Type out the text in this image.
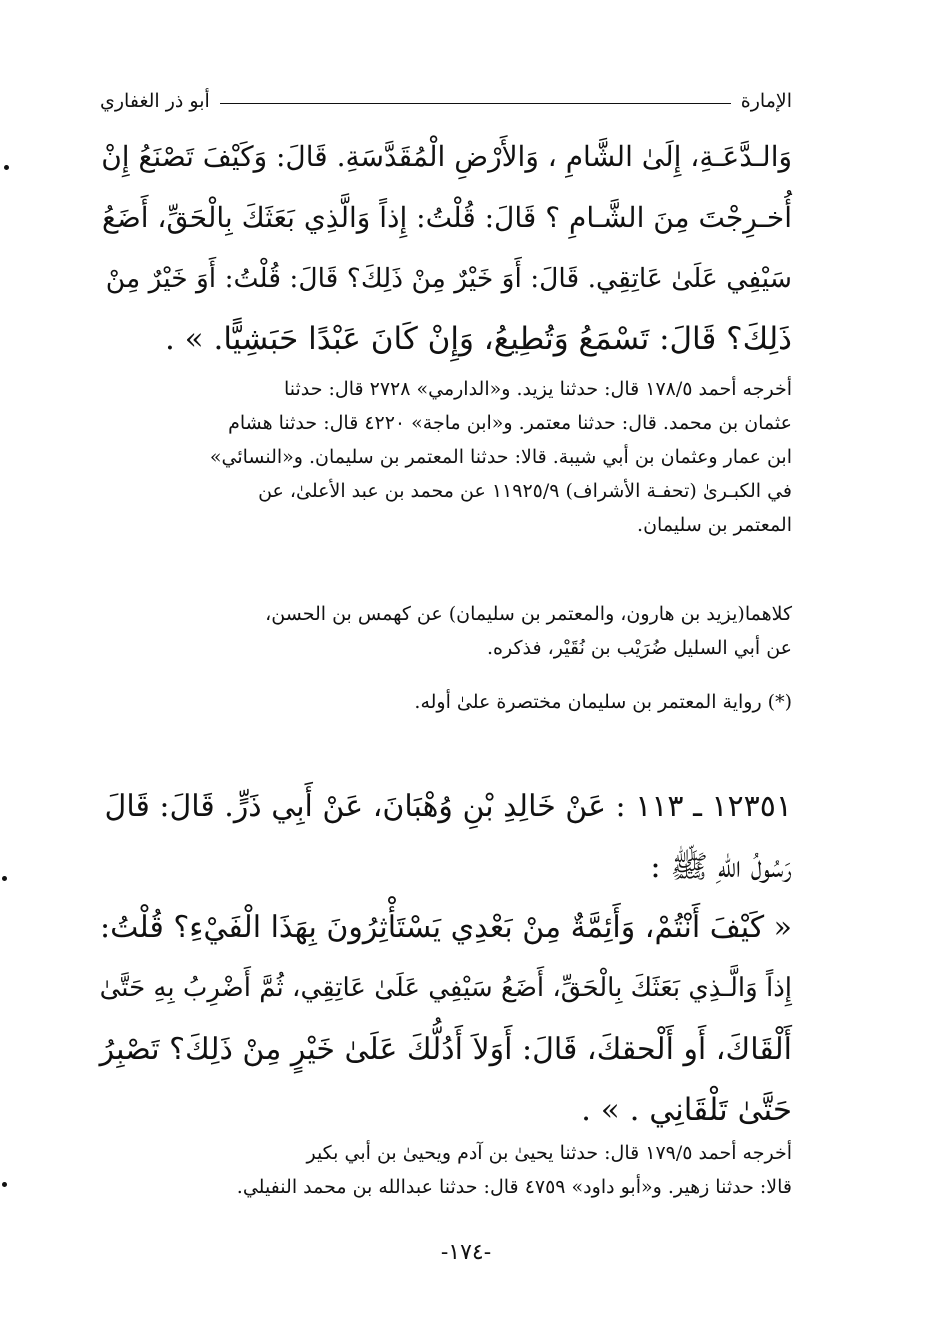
الإمارة
أبو ذر الغفاري
وَالـدَّعَـةِ، إِلَىٰ الشَّامِ ، وَالأَرْضِ الْمُقَدَّسَةِ. قَالَ: وَكَيْفَ تَصْنَعُ إِنْ
أُخـرِجْتَ مِنَ الشَّـامِ ؟ قَالَ: قُلْتُ: إِذاً وَالَّذِي بَعَثَكَ بِالْحَقِّ، أَضَعُ
سَيْفِي عَلَىٰ عَاتِقِي. قَالَ: أَوَ خَيْرٌ مِنْ ذَلِكَ؟ قَالَ: قُلْتُ: أَوَ خَيْرٌ مِنْ
ذَلِكَ؟ قَالَ: تَسْمَعُ وَتُطِيعُ، وَإِنْ كَانَ عَبْدًا حَبَشِيًّا. » .
أخرجه أحمد ١٧٨/٥ قال: حدثنا يزيد. و«الدارمي» ٢٧٢٨ قال: حدثنا
عثمان بن محمد. قال: حدثنا معتمر. و«ابن ماجة» ٤٢٢٠ قال: حدثنا هشام
ابن عمار وعثمان بن أبي شيبة. قالا: حدثنا المعتمر بن سليمان. و«النسائي»
في الكبـرىٰ (تحفـة الأشراف) ١١٩٢٥/٩ عن محمد بن عبد الأعلىٰ، عن
المعتمر بن سليمان.
كلاهما(يزيد بن هارون، والمعتمر بن سليمان) عن كهمس بن الحسن،
عن أبي السليل ضُرَيْب بن نُقَيْر، فذكره.
(*) رواية المعتمر بن سليمان مختصرة علىٰ أوله.
١٢٣٥١ ـ ١١٣ : عَنْ خَالِدِ بْنِ وُهْبَانَ، عَنْ أَبِي ذَرٍّ. قَالَ: قَالَ
رَسُولُ اللهِ ﷺ :
« كَيْفَ أَنْتُمْ، وَأَئِمَّةٌ مِنْ بَعْدِي يَسْتَأْثِرُونَ بِهَذَا الْفَيْءِ؟ قُلْتُ:
إِذاً وَالَّـذِي بَعَثَكَ بِالْحَقِّ، أَضَعُ سَيْفِي عَلَىٰ عَاتِقِي، ثُمَّ أَضْرِبُ بِهِ حَتَّىٰ
أَلْقَاكَ، أَو أَلْحقكَ، قَالَ: أَوَلاَ أَدُلُّكَ عَلَىٰ خَيْرٍ مِنْ ذَلِكَ؟ تَصْبِرُ
حَتَّىٰ تَلْقَانِي . » .
أخرجه أحمد ١٧٩/٥ قال: حدثنا يحيىٰ بن آدم ويحيىٰ بن أبي بكير
قالا: حدثنا زهير. و«أبو داود» ٤٧٥٩ قال: حدثنا عبدالله بن محمد النفيلي.
-١٧٤-
